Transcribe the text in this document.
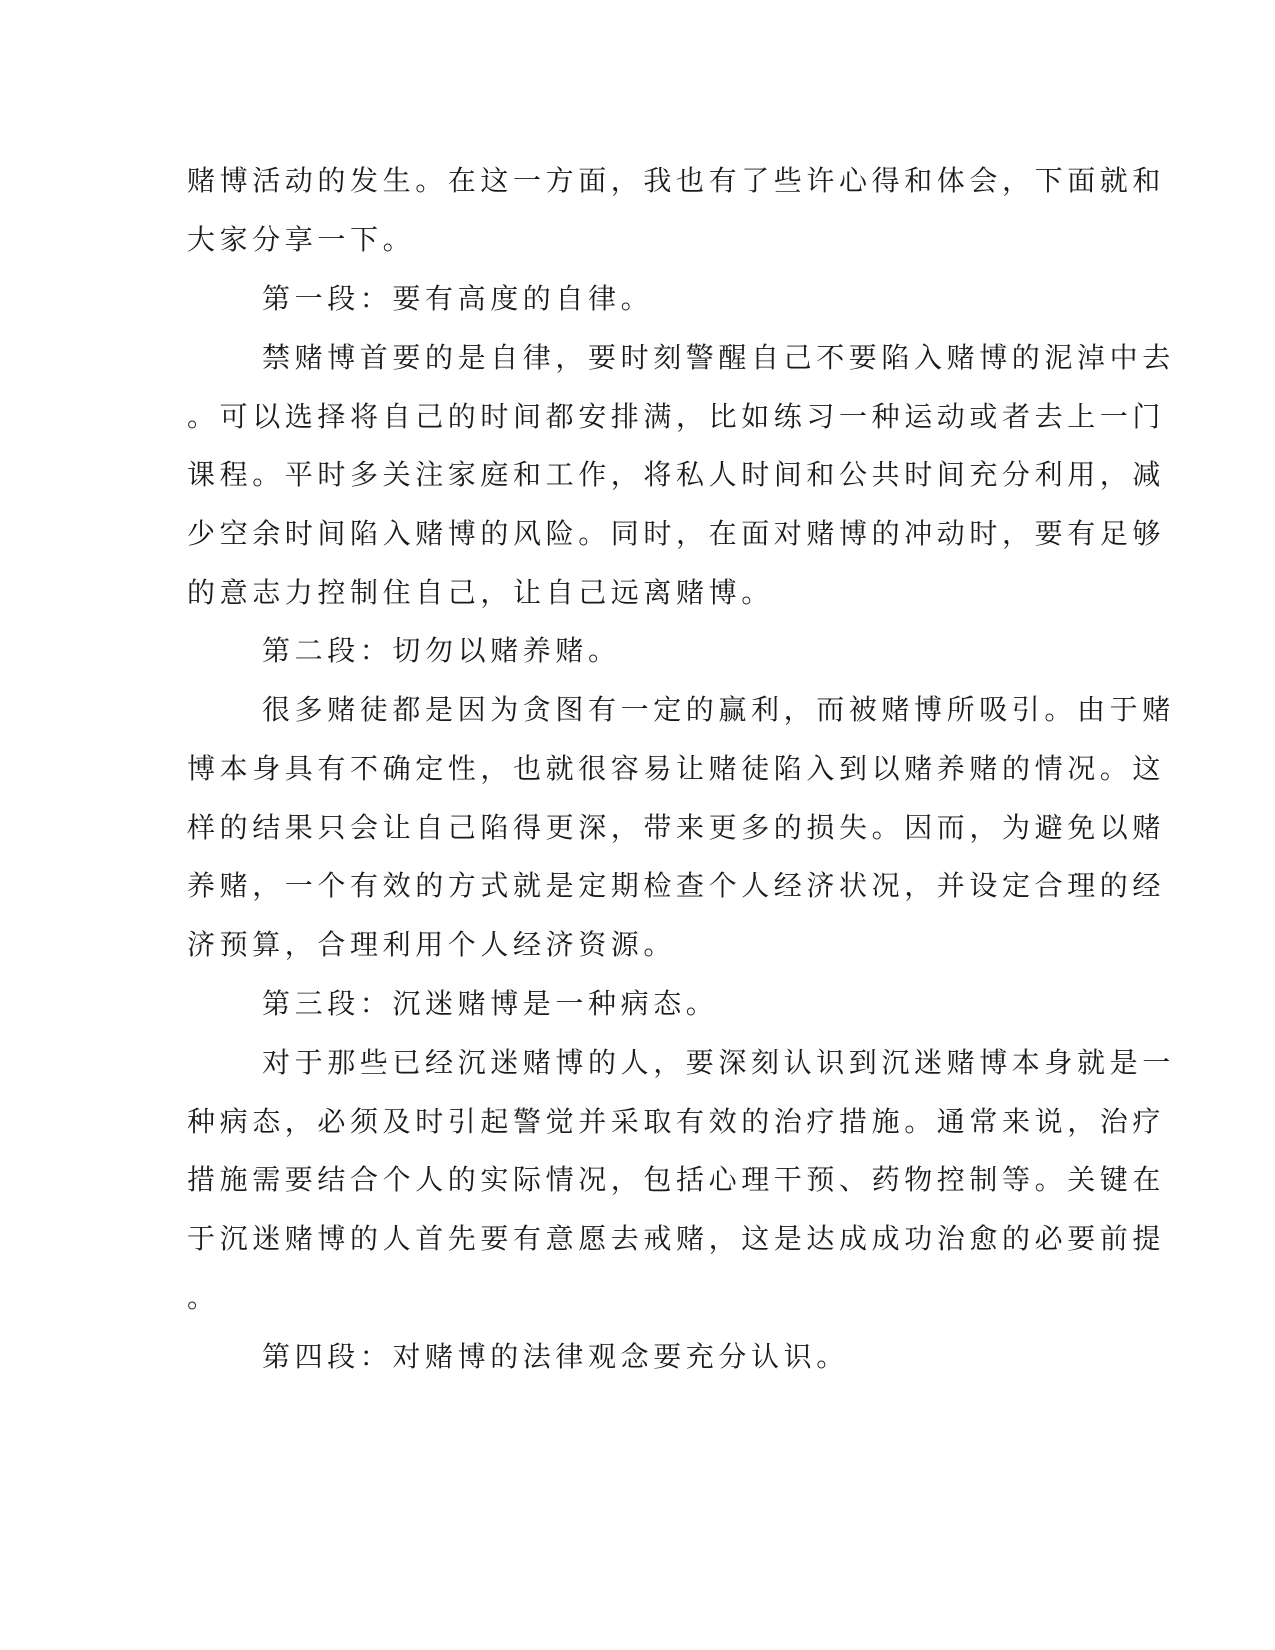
赌博活动的发生。在这一方面，我也有了些许心得和体会，下面就和
大家分享一下。
第一段：要有高度的自律。
禁赌博首要的是自律，要时刻警醒自己不要陷入赌博的泥淖中去
。可以选择将自己的时间都安排满，比如练习一种运动或者去上一门
课程。平时多关注家庭和工作，将私人时间和公共时间充分利用，减
少空余时间陷入赌博的风险。同时，在面对赌博的冲动时，要有足够
的意志力控制住自己，让自己远离赌博。
第二段：切勿以赌养赌。
很多赌徒都是因为贪图有一定的赢利，而被赌博所吸引。由于赌
博本身具有不确定性，也就很容易让赌徒陷入到以赌养赌的情况。这
样的结果只会让自己陷得更深，带来更多的损失。因而，为避免以赌
养赌，一个有效的方式就是定期检查个人经济状况，并设定合理的经
济预算，合理利用个人经济资源。
第三段：沉迷赌博是一种病态。
对于那些已经沉迷赌博的人，要深刻认识到沉迷赌博本身就是一
种病态，必须及时引起警觉并采取有效的治疗措施。通常来说，治疗
措施需要结合个人的实际情况，包括心理干预、药物控制等。关键在
于沉迷赌博的人首先要有意愿去戒赌，这是达成成功治愈的必要前提
。
第四段：对赌博的法律观念要充分认识。
